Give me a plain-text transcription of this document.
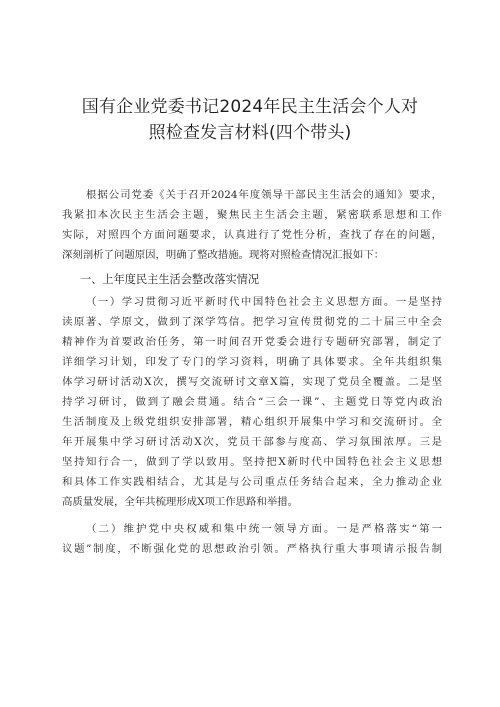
国有企业党委书记2024年民主生活会个人对
照检查发言材料(四个带头)
根据公司党委《关于召开2024年度领导干部民主生活会的通知》要求，
我紧扣本次民主生活会主题，聚焦民主生活会主题，紧密联系思想和工作
实际，对照四个方面问题要求，认真进行了党性分析，查找了存在的问题，
深刻剖析了问题原因，明确了整改措施。现将对照检查情况汇报如下：
一、上年度民主生活会整改落实情况
（一）学习贯彻习近平新时代中国特色社会主义思想方面。一是坚持
读原著、学原文，做到了深学笃信。把学习宣传贯彻党的二十届三中全会
精神作为首要政治任务，第一时间召开党委会进行专题研究部署，制定了
详细学习计划，印发了专门的学习资料，明确了具体要求。全年共组织集
体学习研讨活动X次，撰写交流研讨文章X篇，实现了党员全覆盖。二是坚
持学习研讨，做到了融会贯通。结合“三会一课”、主题党日等党内政治
生活制度及上级党组织安排部署，精心组织开展集中学习和交流研讨。全
年开展集中学习研讨活动X次，党员干部参与度高、学习氛围浓厚。三是
坚持知行合一，做到了学以致用。坚持把X新时代中国特色社会主义思想
和具体工作实践相结合，尤其是与公司重点任务结合起来，全力推动企业
高质量发展，全年共梳理形成X项工作思路和举措。
（二）维护党中央权威和集中统一领导方面。一是严格落实“第一
议题”制度，不断强化党的思想政治引领。严格执行重大事项请示报告制
